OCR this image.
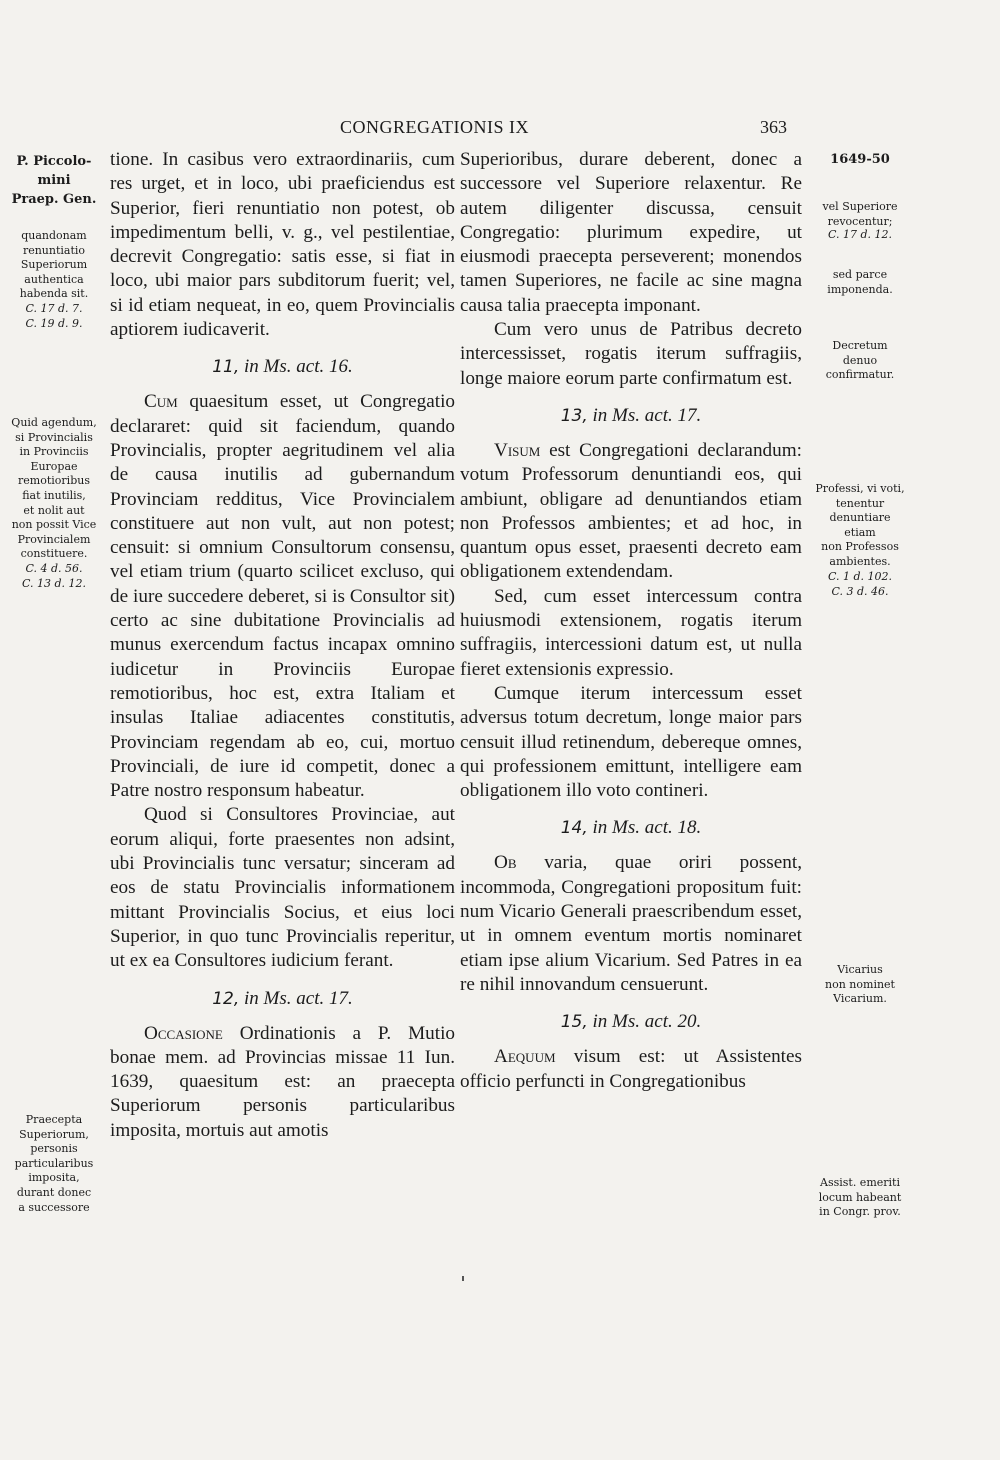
CONGREGATIONIS IX	363
P. Piccolo-
mini
Praep. Gen.
quandonam
renuntiatio
Superiorum
authentica
habenda sit.
C. 17 d. 7.
C. 19 d. 9.
Quid agendum,
si Provincialis
in Provinciis
Europae
remotioribus
fiat inutilis,
et nolit aut
non possit Vice
Provincialem
constituere.
C. 4 d. 56.
C. 13 d. 12.
Praecepta
Superiorum,
personis
particularibus
imposita,
durant donec
a successore
1649-50
vel Superiore
revocentur;
C. 17 d. 12.
sed parce
imponenda.
Decretum
denuo
confirmatur.
Professi, vi voti,
tenentur
denuntiare
etiam
non Professos
ambientes.
C. 1 d. 102.
C. 3 d. 46.
Vicarius
non nominet
Vicarium.
Assist. emeriti
locum habeant
in Congr. prov.

tione. In casibus vero extraordinariis, cum res urget, et in loco, ubi praeficiendus est Superior, fieri renuntiatio non potest, ob impedimentum belli, v. g., vel pestilentiae, decrevit Congregatio: satis esse, si fiat in loco, ubi maior pars subditorum fuerit; vel, si id etiam nequeat, in eo, quem Provincialis aptiorem iudicaverit.

11, in Ms. act. 16.

Cum quaesitum esset, ut Congregatio declararet: quid sit faciendum, quando Provincialis, propter aegritudinem vel alia de causa inutilis ad gubernandum Provinciam redditus, Vice Provincialem constituere aut non vult, aut non potest; censuit: si omnium Consultorum consensu, vel etiam trium (quarto scilicet excluso, qui de iure succedere deberet, si is Consultor sit) certo ac sine dubitatione Provincialis ad munus exercendum factus incapax omnino iudicetur in Provinciis Europae remotioribus, hoc est, extra Italiam et insulas Italiae adiacentes constitutis, Provinciam regendam ab eo, cui, mortuo Provinciali, de iure id competit, donec a Patre nostro responsum habeatur.

Quod si Consultores Provinciae, aut eorum aliqui, forte praesentes non adsint, ubi Provincialis tunc versatur; sinceram ad eos de statu Provincialis informationem mittant Provincialis Socius, et eius loci Superior, in quo tunc Provincialis reperitur, ut ex ea Consultores iudicium ferant.

12, in Ms. act. 17.

Occasione Ordinationis a P. Mutio bonae mem. ad Provincias missae 11 Iun. 1639, quaesitum est: an praecepta Superiorum personis particularibus imposita, mortuis aut amotis

Superioribus, durare deberent, donec a successore vel Superiore relaxentur. Re autem diligenter discussa, censuit Congregatio: plurimum expedire, ut eiusmodi praecepta perseverent; monendos tamen Superiores, ne facile ac sine magna causa talia praecepta imponant.

Cum vero unus de Patribus decreto intercessisset, rogatis iterum suffragiis, longe maiore eorum parte confirmatum est.

13, in Ms. act. 17.

Visum est Congregationi declarandum: votum Professorum denuntiandi eos, qui ambiunt, obligare ad denuntiandos etiam non Professos ambientes; et ad hoc, in quantum opus esset, praesenti decreto eam obligationem extendendam.

Sed, cum esset intercessum contra huiusmodi extensionem, rogatis iterum suffragiis, intercessioni datum est, ut nulla fieret extensionis expressio.

Cumque iterum intercessum esset adversus totum decretum, longe maior pars censuit illud retinendum, debereque omnes, qui professionem emittunt, intelligere eam obligationem illo voto contineri.

14, in Ms. act. 18.

Ob varia, quae oriri possent, incommoda, Congregationi propositum fuit: num Vicario Generali praescribendum esset, ut in omnem eventum mortis nominaret etiam ipse alium Vicarium. Sed Patres in ea re nihil innovandum censuerunt.

15, in Ms. act. 20.

Aequum visum est: ut Assistentes officio perfuncti in Congregationibus
